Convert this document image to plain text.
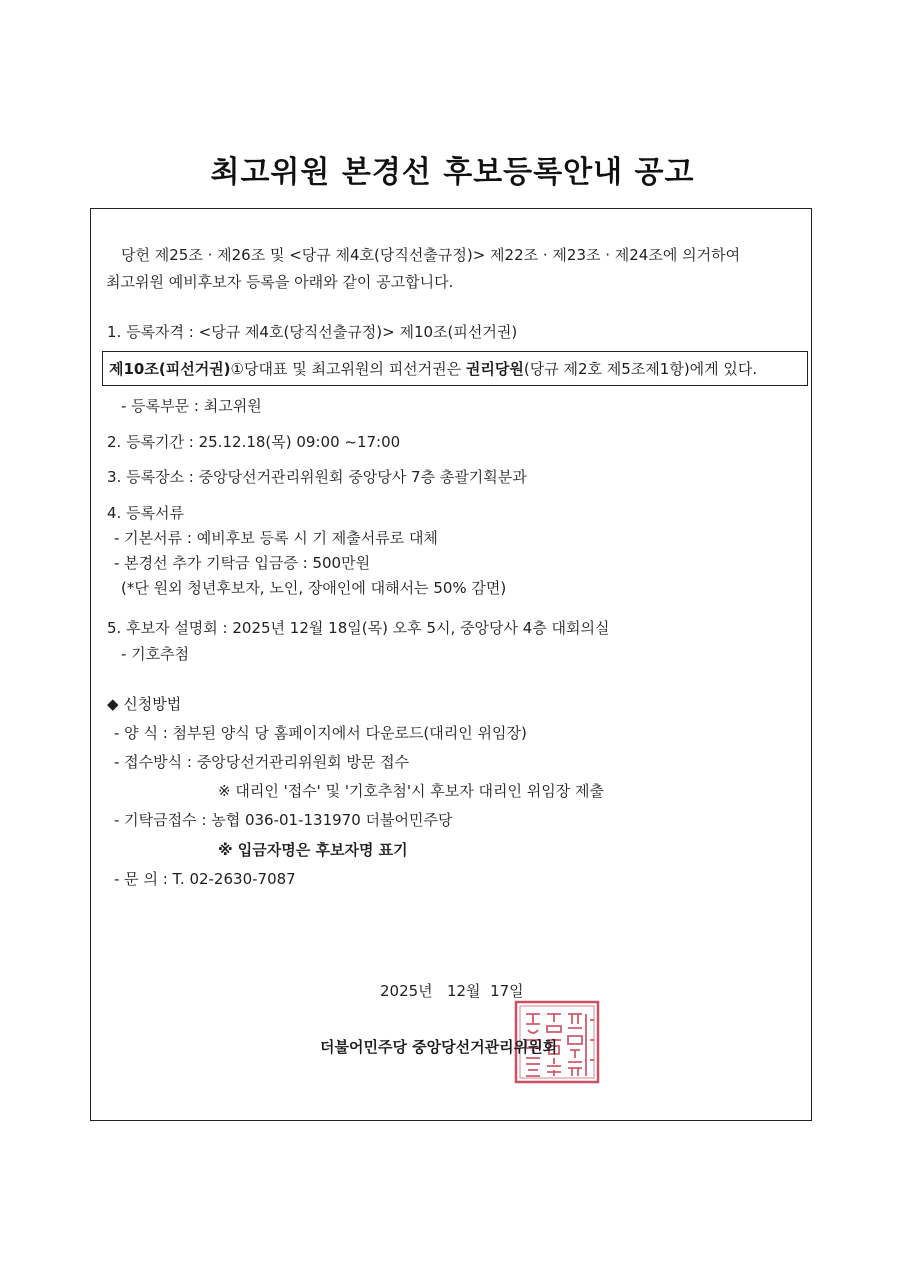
최고위원 본경선 후보등록안내 공고
당헌 제25조 · 제26조 및 <당규 제4호(당직선출규정)> 제22조 · 제23조 · 제24조에 의거하여
최고위원 예비후보자 등록을 아래와 같이 공고합니다.
1. 등록자격 : <당규 제4호(당직선출규정)> 제10조(피선거권)
제10조(피선거권)①당대표 및 최고위원의 피선거권은 권리당원(당규 제2호 제5조제1항)에게 있다.
- 등록부문 : 최고위원
2. 등록기간 : 25.12.18(목) 09:00 ~17:00
3. 등록장소 : 중앙당선거관리위원회 중앙당사 7층 총괄기획분과
4. 등록서류
- 기본서류 : 예비후보 등록 시 기 제출서류로 대체
- 본경선 추가 기탁금 입금증 : 500만원
(*단 원외 청년후보자, 노인, 장애인에 대해서는 50% 감면)
5. 후보자 설명회 : 2025년 12월 18일(목) 오후 5시, 중앙당사 4층 대회의실
- 기호추첨
◆ 신청방법
- 양 식 : 첨부된 양식 당 홈페이지에서 다운로드(대리인 위임장)
- 접수방식 : 중앙당선거관리위원회 방문 접수
※ 대리인 '접수' 및 '기호추첨'시 후보자 대리인 위임장 제출
- 기탁금접수 : 농협 036-01-131970 더불어민주당
※ 입금자명은 후보자명 표기
- 문 의 : T. 02-2630-7087
2025년   12월  17일
더불어민주당 중앙당선거관리위원회
